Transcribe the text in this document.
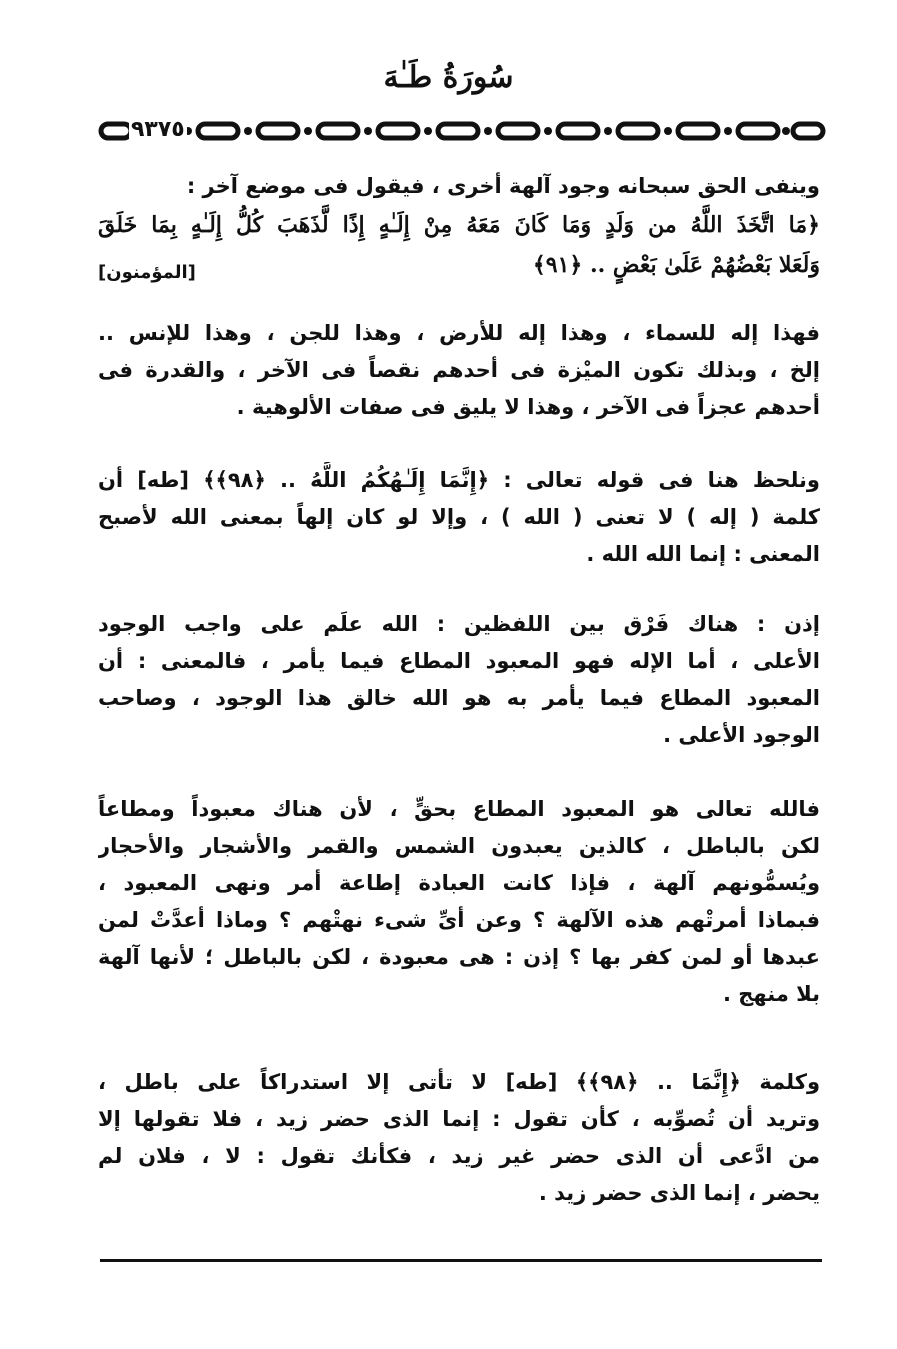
سُورَةُ طَـٰهَ
٩٣٧٥
وينفى الحق سبحانه وجود آلهة أخرى ، فيقول فى موضع آخر :
﴿مَا اتَّخَذَ اللَّهُ من وَلَدٍ وَمَا كَانَ مَعَهُ مِنْ إِلَـٰهٍ إِذًا لَّذَهَبَ كُلُّ إِلَـٰهٍ بِمَا خَلَقَ
وَلَعَلا بَعْضُهُمْ عَلَىٰ بَعْضٍ .. ﴿٩١﴾
[المؤمنون]
فهذا إله للسماء ، وهذا إله للأرض ، وهذا للجن ، وهذا للإنس ..
إلخ ، وبذلك تكون الميْزة فى أحدهم نقصاً فى الآخر ، والقدرة فى
أحدهم عجزاً فى الآخر ، وهذا لا يليق فى صفات الألوهية .
ونلحظ هنا فى قوله تعالى : ﴿إِنَّمَا إِلَـٰهُكُمُ اللَّهُ .. ﴿٩٨﴾﴾ [طه] أن
كلمة ( إله ) لا تعنى ( الله ) ، وإلا لو كان إلهاً بمعنى الله لأصبح
المعنى : إنما الله الله .
إذن : هناك فَرْق بين اللفظين : الله علَم على واجب الوجود
الأعلى ، أما الإله فهو المعبود المطاع فيما يأمر ، فالمعنى : أن
المعبود المطاع فيما يأمر به هو الله خالق هذا الوجود ، وصاحب
الوجود الأعلى .
فالله تعالى هو المعبود المطاع بحقٍّ ، لأن هناك معبوداً ومطاعاً
لكن بالباطل ، كالذين يعبدون الشمس والقمر والأشجار والأحجار
ويُسمُّونهم آلهة ، فإذا كانت العبادة إطاعة أمر ونهى المعبود ،
فبماذا أمرتْهم هذه الآلهة ؟ وعن أىِّ شىء نهتْهم ؟ وماذا أعدَّتْ لمن
عبدها أو لمن كفر بها ؟ إذن : هى معبودة ، لكن بالباطل ؛ لأنها آلهة
بلا منهج .
وكلمة ﴿إِنَّمَا .. ﴿٩٨﴾﴾ [طه] لا تأتى إلا استدراكاً على باطل ،
وتريد أن تُصوِّبه ، كأن تقول : إنما الذى حضر زيد ، فلا تقولها إلا
من ادَّعى أن الذى حضر غير زيد ، فكأنك تقول : لا ، فلان لم
يحضر ، إنما الذى حضر زيد .
